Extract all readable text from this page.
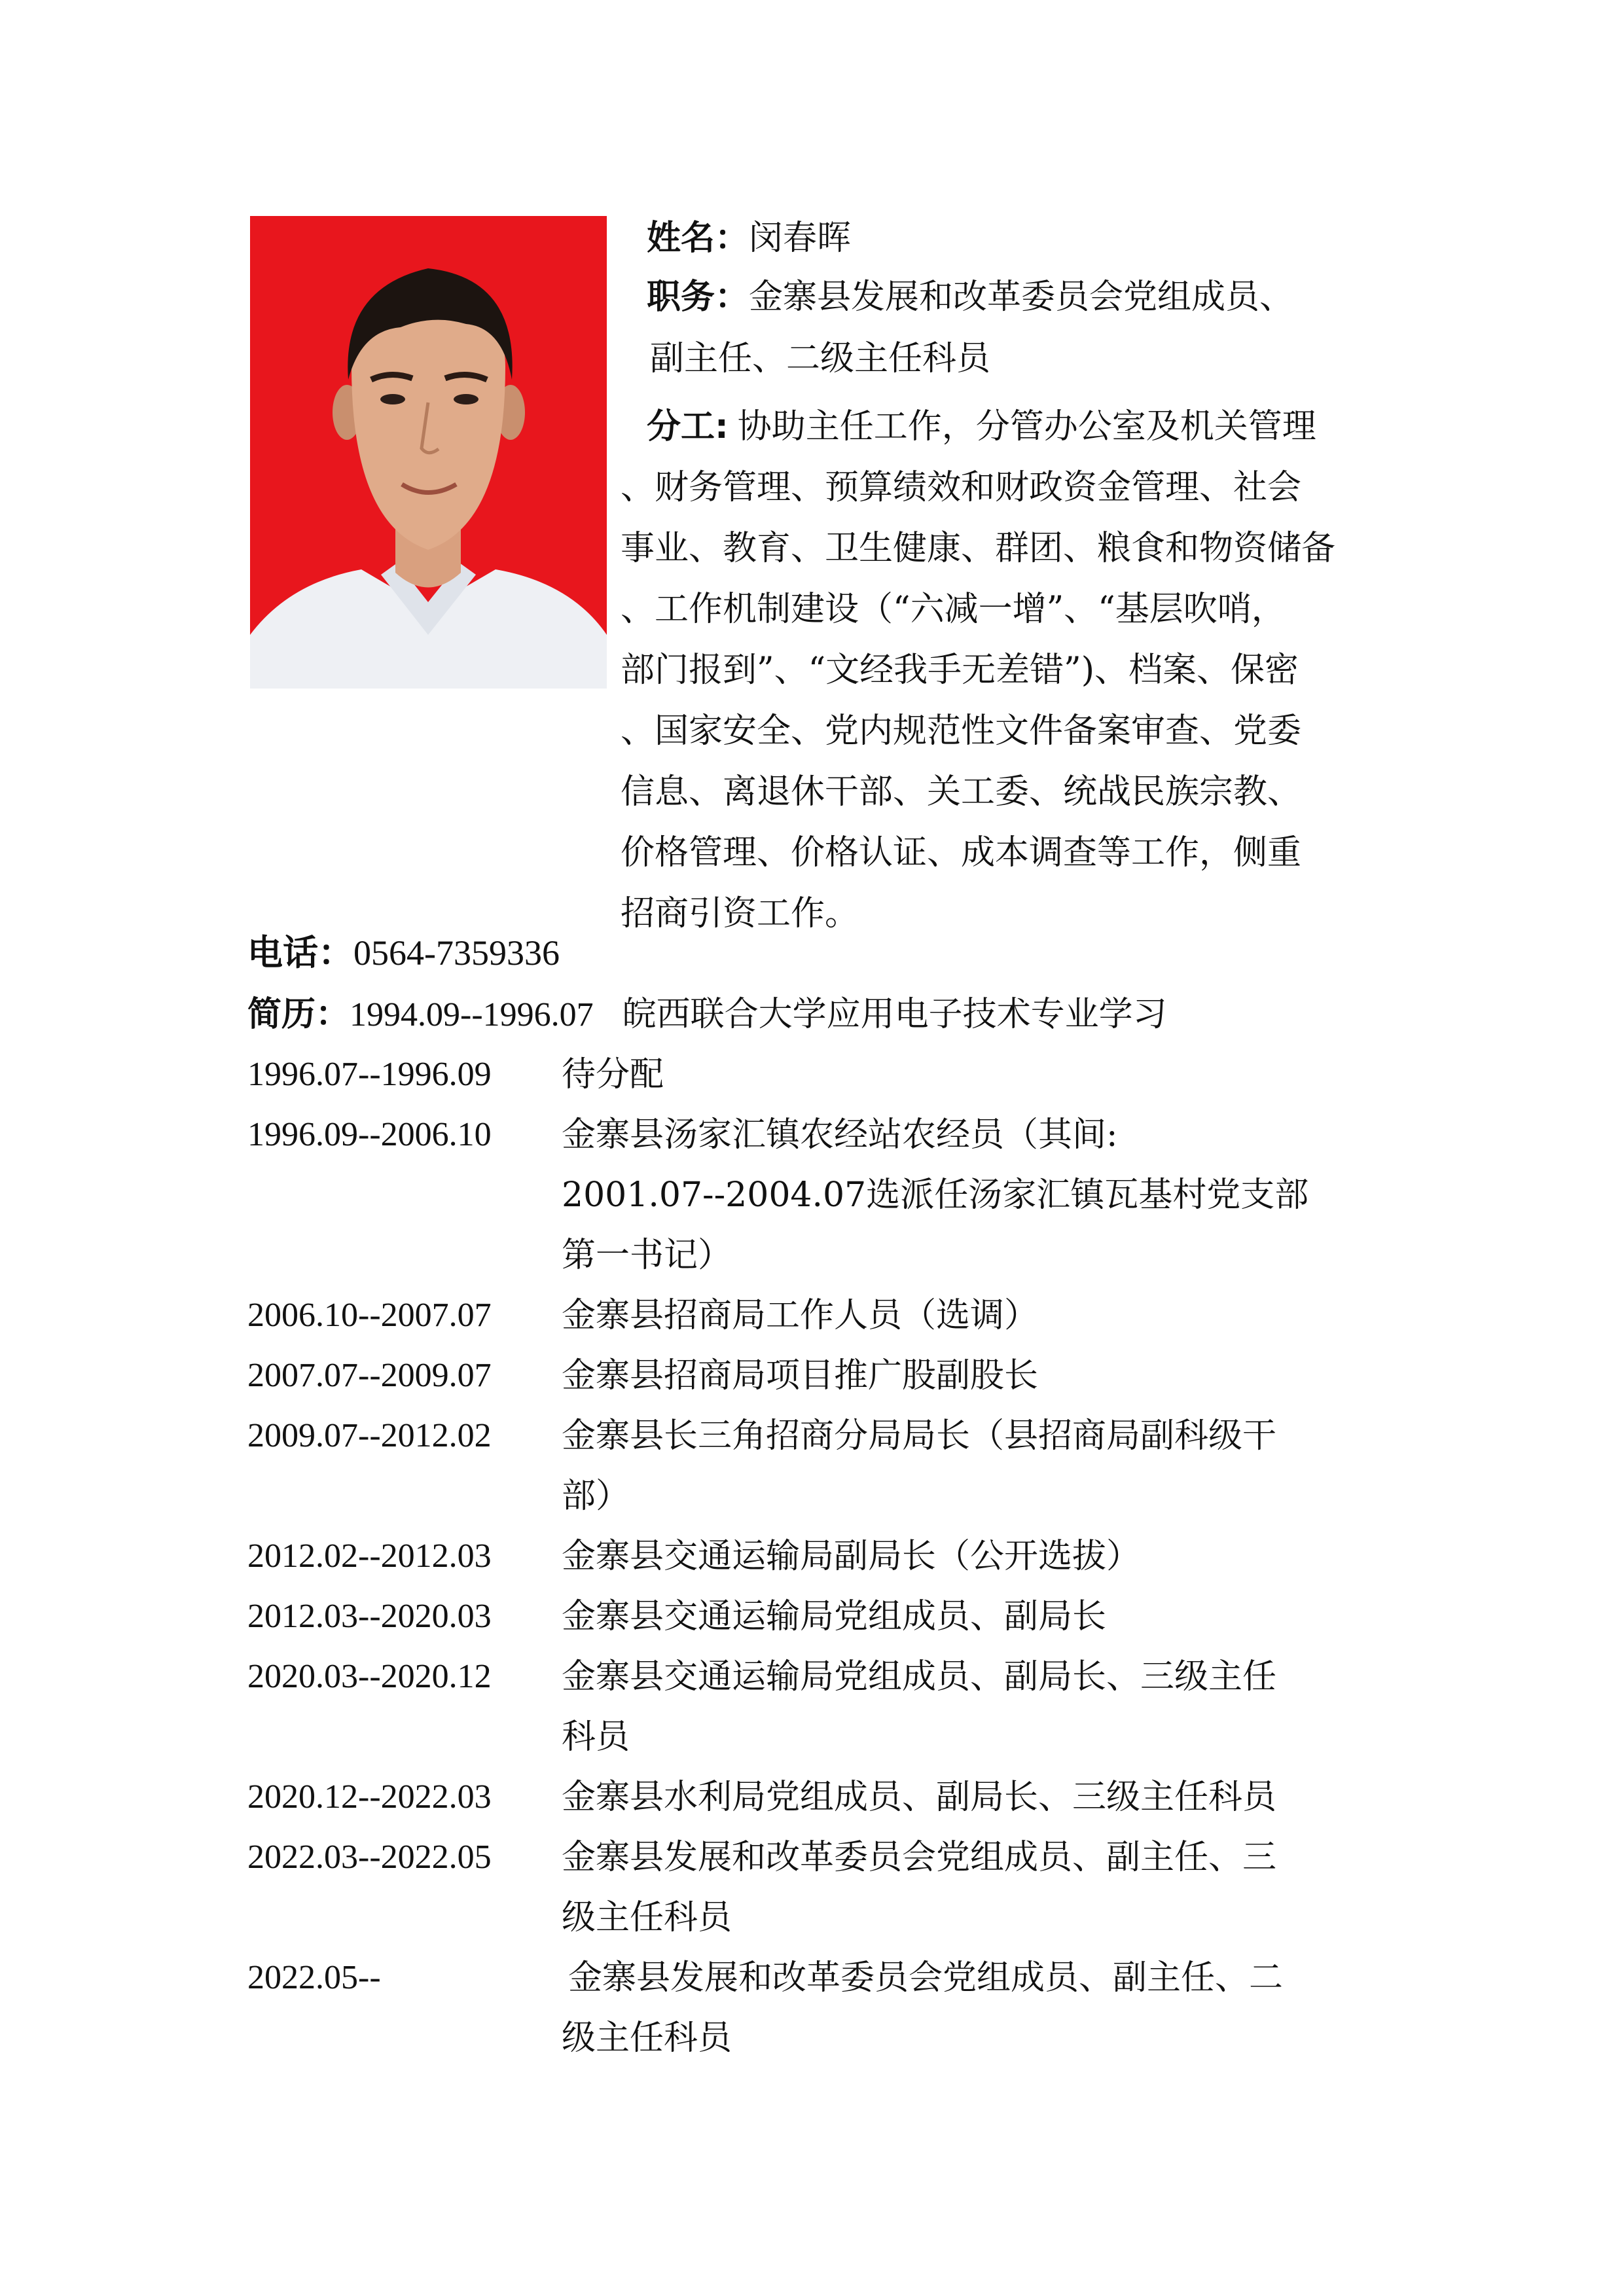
姓名：闵春晖
职务：金寨县发展和改革委员会党组成员、
副主任、二级主任科员
分工: 协助主任工作，分管办公室及机关管理
、财务管理、预算绩效和财政资金管理、社会
事业、教育、卫生健康、群团、粮食和物资储备
、工作机制建设（“六减一增”、“基层吹哨，
部门报到”、“文经我手无差错”)、档案、保密
、国家安全、党内规范性文件备案审查、党委
信息、离退休干部、关工委、统战民族宗教、
价格管理、价格认证、成本调查等工作，侧重
招商引资工作。
电话：0564-7359336
简历：1994.09--1996.07 皖西联合大学应用电子技术专业学习
1996.07--1996.09 待分配
1996.09--2006.10 金寨县汤家汇镇农经站农经员（其间:
2001.07--2004.07选派任汤家汇镇瓦基村党支部
第一书记）
2006.10--2007.07 金寨县招商局工作人员（选调）
2007.07--2009.07 金寨县招商局项目推广股副股长
2009.07--2012.02 金寨县长三角招商分局局长（县招商局副科级干
部）
2012.02--2012.03 金寨县交通运输局副局长（公开选拔）
2012.03--2020.03 金寨县交通运输局党组成员、副局长
2020.03--2020.12 金寨县交通运输局党组成员、副局长、三级主任
科员
2020.12--2022.03 金寨县水利局党组成员、副局长、三级主任科员
2022.03--2022.05 金寨县发展和改革委员会党组成员、副主任、三
级主任科员
2022.05--	金寨县发展和改革委员会党组成员、副主任、二
级主任科员
